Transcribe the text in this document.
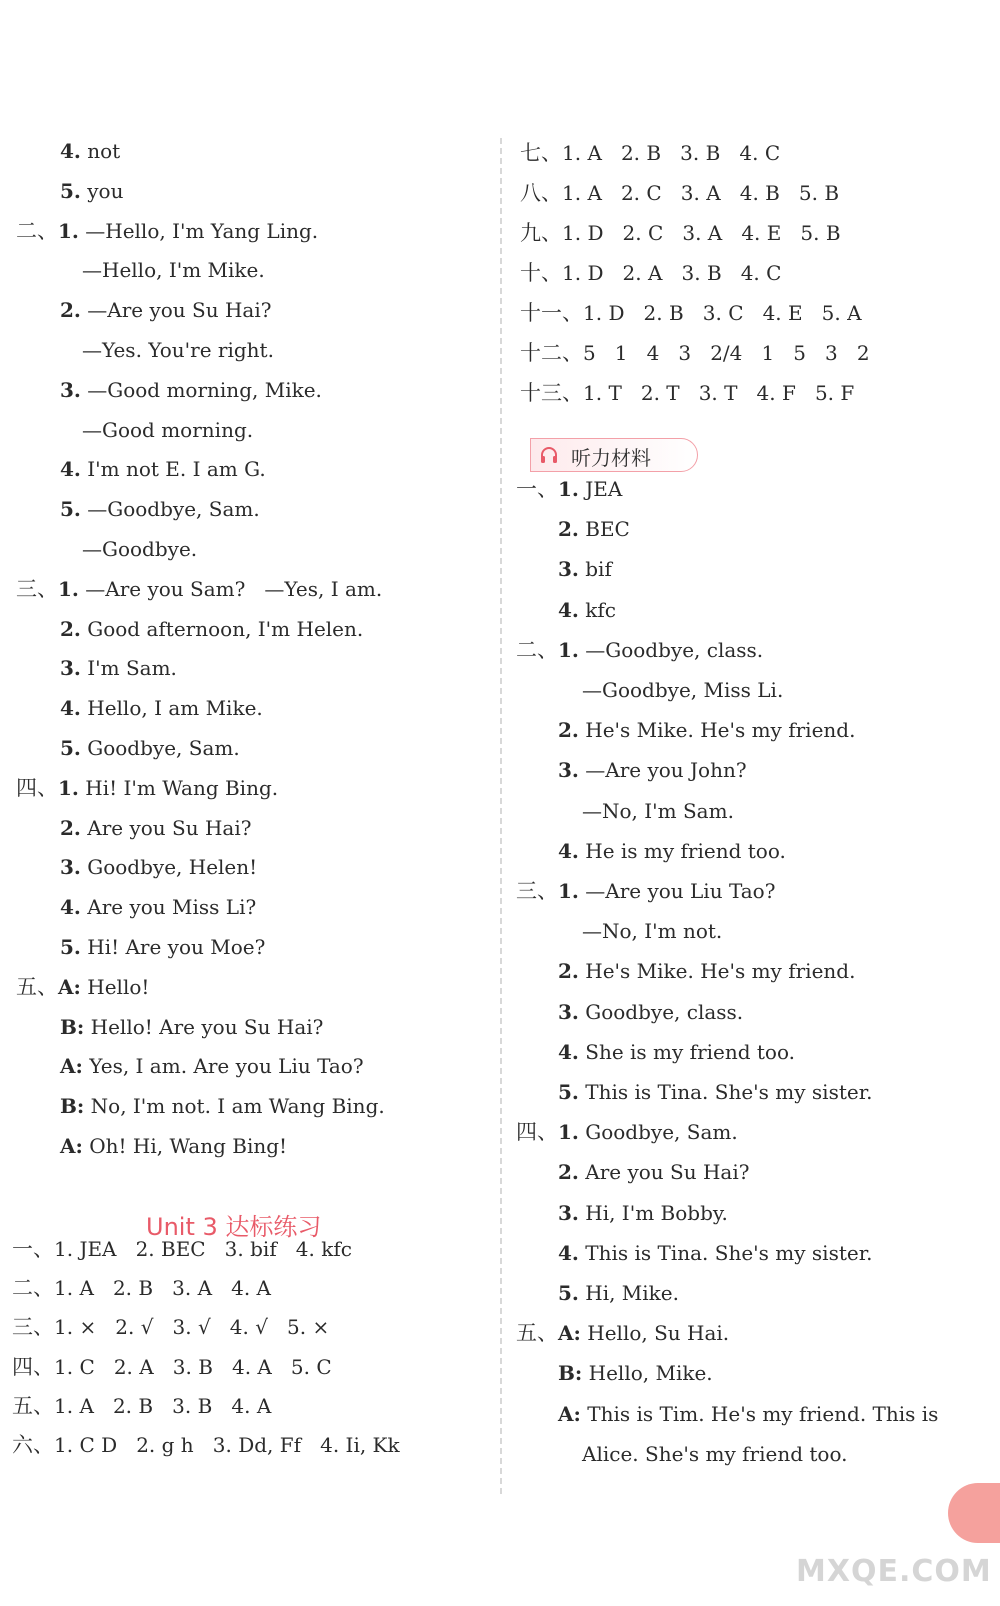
4. not
5. you
二、1. —Hello, I'm Yang Ling.
—Hello, I'm Mike.
2. —Are you Su Hai?
—Yes. You're right.
3. —Good morning, Mike.
—Good morning.
4. I'm not E. I am G.
5. —Goodbye, Sam.
—Goodbye.
三、1. —Are you Sam?   —Yes, I am.
2. Good afternoon, I'm Helen.
3. I'm Sam.
4. Hello, I am Mike.
5. Goodbye, Sam.
四、1. Hi! I'm Wang Bing.
2. Are you Su Hai?
3. Goodbye, Helen!
4. Are you Miss Li?
5. Hi! Are you Moe?
五、A: Hello!
B: Hello! Are you Su Hai?
A: Yes, I am. Are you Liu Tao?
B: No, I'm not. I am Wang Bing.
A: Oh! Hi, Wang Bing!
Unit 3 达标练习
一、1. JEA   2. BEC   3. bif   4. kfc
二、1. A   2. B   3. A   4. A
三、1. ×   2. √   3. √   4. √   5. ×
四、1. C   2. A   3. B   4. A   5. C
五、1. A   2. B   3. B   4. A
六、1. C D   2. g h   3. Dd, Ff   4. Ii, Kk
七、1. A   2. B   3. B   4. C
八、1. A   2. C   3. A   4. B   5. B
九、1. D   2. C   3. A   4. E   5. B
十、1. D   2. A   3. B   4. C
十一、1. D   2. B   3. C   4. E   5. A
十二、5   1   4   3   2/4   1   5   3   2
十三、1. T   2. T   3. T   4. F   5. F
听力材料
一、1. JEA
2. BEC
3. bif
4. kfc
二、1. —Goodbye, class.
—Goodbye, Miss Li.
2. He's Mike. He's my friend.
3. —Are you John?
—No, I'm Sam.
4. He is my friend too.
三、1. —Are you Liu Tao?
—No, I'm not.
2. He's Mike. He's my friend.
3. Goodbye, class.
4. She is my friend too.
5. This is Tina. She's my sister.
四、1. Goodbye, Sam.
2. Are you Su Hai?
3. Hi, I'm Bobby.
4. This is Tina. She's my sister.
5. Hi, Mike.
五、A: Hello, Su Hai.
B: Hello, Mike.
A: This is Tim. He's my friend. This is
Alice. She's my friend too.
MXQE.COM
